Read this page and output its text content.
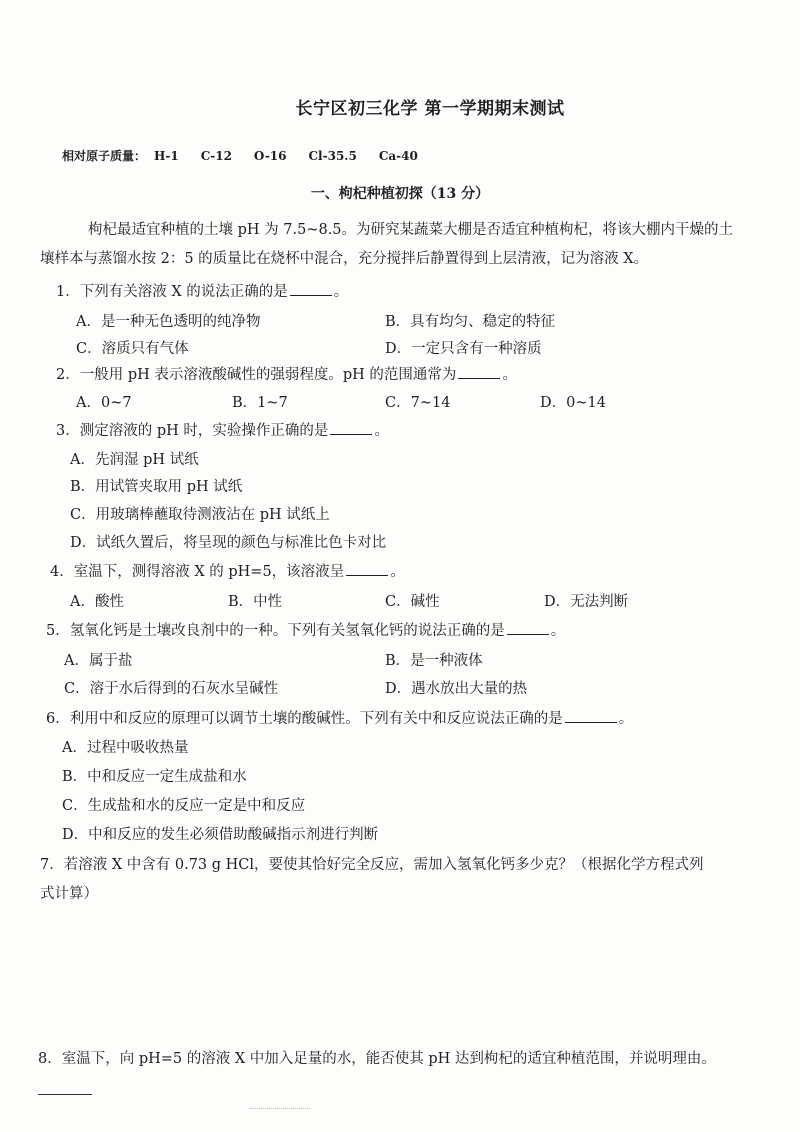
长宁区初三化学 第一学期期末测试
相对原子质量： H-1 C-12 O-16 Cl-35.5 Ca-40
一、枸杞种植初探（13 分）
枸杞最适宜种植的土壤 pH 为 7.5~8.5。为研究某蔬菜大棚是否适宜种植枸杞，将该大棚内干燥的土
壤样本与蒸馏水按 2：5 的质量比在烧杯中混合，充分搅拌后静置得到上层清液，记为溶液 X。
1．下列有关溶液 X 的说法正确的是	。
A．是一种无色透明的纯净物	B．具有均匀、稳定的特征
C．溶质只有气体	D．一定只含有一种溶质
2．一般用 pH 表示溶液酸碱性的强弱程度。pH 的范围通常为	。
A．0~7	B．1~7	C．7~14	D．0~14
3．测定溶液的 pH 时，实验操作正确的是	。
A．先润湿 pH 试纸
B．用试管夹取用 pH 试纸
C．用玻璃棒蘸取待测液沾在 pH 试纸上
D．试纸久置后，将呈现的颜色与标准比色卡对比
4．室温下，测得溶液 X 的 pH=5，该溶液呈	。
A．酸性	B．中性	C．碱性	D．无法判断
5．氢氧化钙是土壤改良剂中的一种。下列有关氢氧化钙的说法正确的是	。
A．属于盐	B．是一种液体
C．溶于水后得到的石灰水呈碱性	D．遇水放出大量的热
6．利用中和反应的原理可以调节土壤的酸碱性。下列有关中和反应说法正确的是	。
A．过程中吸收热量
B．中和反应一定生成盐和水
C．生成盐和水的反应一定是中和反应
D．中和反应的发生必须借助酸碱指示剂进行判断
7．若溶液 X 中含有 0.73 g HCl，要使其恰好完全反应，需加入氢氧化钙多少克？（根据化学方程式列
式计算）
8．室温下，向 pH=5 的溶液 X 中加入足量的水，能否使其 pH 达到枸杞的适宜种植范围，并说明理由。
